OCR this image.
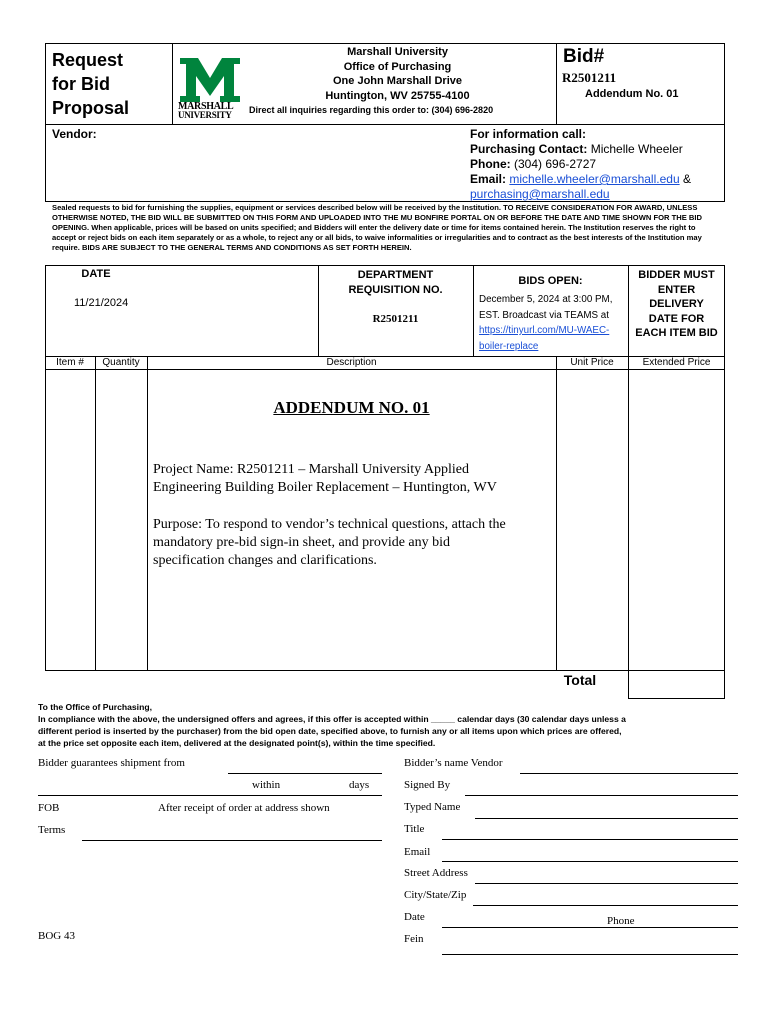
Request
for Bid
Proposal	MARSHALL
UNIVERSITY
Marshall University
Office of Purchasing
One John Marshall Drive
Huntington, WV 25755-4100
Direct all inquiries regarding this order to: (304) 696-2820
Bid#
R2501211
Addendum No. 01
Vendor:	For information call:
Purchasing Contact: Michelle Wheeler
Phone: (304) 696-2727
Email: michelle.wheeler@marshall.edu &
purchasing@marshall.edu
Sealed requests to bid for furnishing the supplies, equipment or services described below will be received by the Institution. TO RECEIVE CONSIDERATION FOR AWARD, UNLESS OTHERWISE NOTED, THE BID WILL BE SUBMITTED ON THIS FORM AND UPLOADED INTO THE MU BONFIRE PORTAL ON OR BEFORE THE DATE AND TIME SHOWN FOR THE BID OPENING. When applicable, prices will be based on units specified; and Bidders will enter the delivery date or time for items contained herein. The Institution reserves the right to accept or reject bids on each item separately or as a whole, to reject any or all bids, to waive informalities or irregularities and to contract as the best interests of the Institution may require. BIDS ARE SUBJECT TO THE GENERAL TERMS AND CONDITIONS AS SET FORTH HEREIN.
DATE
11/21/2024
DEPARTMENT
REQUISITION NO.
R2501211
BIDS OPEN:
December 5, 2024 at 3:00 PM,
EST. Broadcast via TEAMS at
https://tinyurl.com/MU-WAEC-
boiler-replace
BIDDER MUST
ENTER
DELIVERY
DATE FOR
EACH ITEM BID
Item #	Quantity	Description	Unit Price	Extended Price
ADDENDUM NO. 01
Project Name: R2501211 – Marshall University Applied
Engineering Building Boiler Replacement – Huntington, WV
Purpose: To respond to vendor’s technical questions, attach the
mandatory pre-bid sign-in sheet, and provide any bid
specification changes and clarifications.
Total
To the Office of Purchasing,
In compliance with the above, the undersigned offers and agrees, if this offer is accepted within _____ calendar days (30 calendar days unless a
different period is inserted by the purchaser) from the bid open date, specified above, to furnish any or all items upon which prices are offered,
at the price set opposite each item, delivered at the designated point(s), within the time specified.
Bidder guarantees shipment from
within	days
FOB	After receipt of order at address shown
Terms
BOG 43
Bidder’s name Vendor
Signed By
Typed Name
Title
Email
Street Address
City/State/Zip
Date	Phone
Fein
